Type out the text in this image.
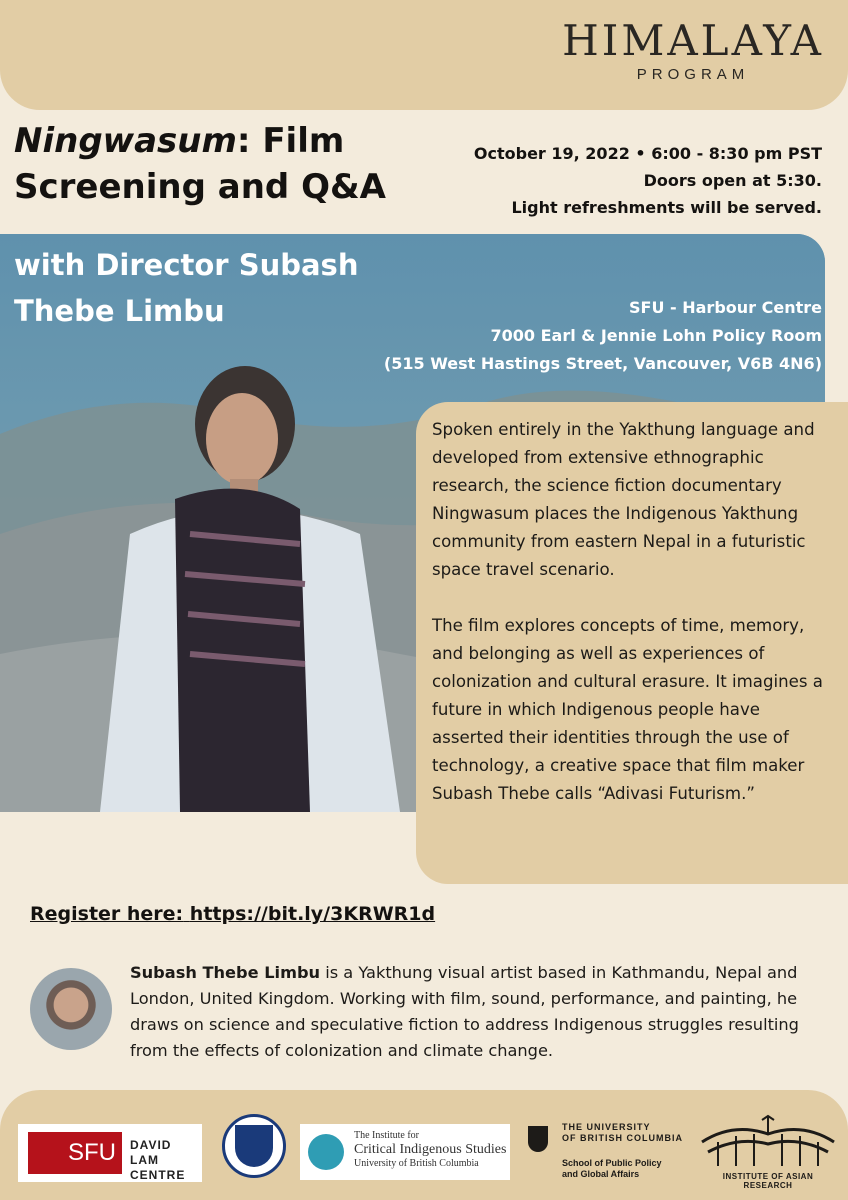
HIMALAYA
PROGRAM
Ningwasum: Film Screening and Q&A
with Director Subash Thebe Limbu
October 19, 2022 • 6:00 - 8:30 pm PST
Doors open at 5:30.
Light refreshments will be served.
SFU - Harbour Centre
7000 Earl & Jennie Lohn Policy Room
(515 West Hastings Street, Vancouver, V6B 4N6)

Spoken entirely in the Yakthung language and developed from extensive ethnographic research, the science fiction documentary Ningwasum places the Indigenous Yakthung community from eastern Nepal in a futuristic space travel scenario.

The film explores concepts of time, memory, and belonging as well as experiences of colonization and cultural erasure. It imagines a future in which Indigenous people have asserted their identities through the use of technology, a creative space that film maker Subash Thebe calls “Adivasi Futurism.”

Register here: https://bit.ly/3KRWR1d
Subash Thebe Limbu is a Yakthung visual artist based in Kathmandu, Nepal and London, United Kingdom. Working with film, sound, performance, and painting, he draws on science and speculative fiction to address Indigenous struggles resulting from the effects of colonization and climate change.
SFU	DAVID LAM
CENTRE
The Institute for
Critical Indigenous Studies
University of British Columbia
THE UNIVERSITY
OF BRITISH COLUMBIA
School of Public Policy
and Global Affairs	INSTITUTE OF ASIAN RESEARCH
